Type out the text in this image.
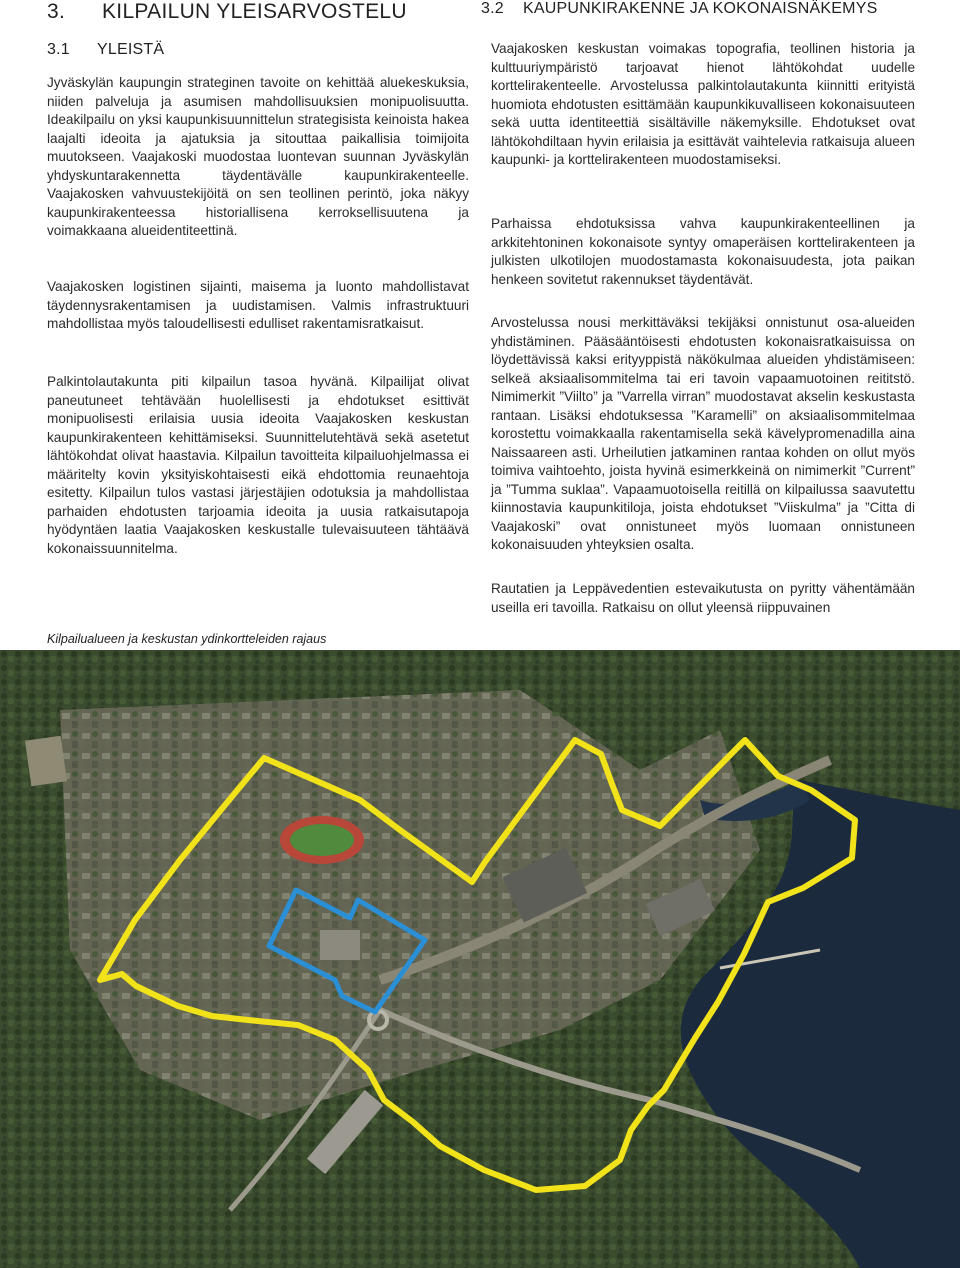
3. KILPAILUN YLEISARVOSTELU
3.1 YLEISTÄ
3.2 KAUPUNKIRAKENNE JA KOKONAISNÄKEMYS

Jyväskylän kaupungin strateginen tavoite on kehittää aluekeskuksia, niiden palveluja ja asumisen mahdollisuuksien monipuolisuutta. Ideakilpailu on yksi kaupunkisuunnittelun strategisista keinoista hakea laajalti ideoita ja ajatuksia ja sitouttaa paikallisia toimijoita muutokseen. Vaajakoski muodostaa luontevan suunnan Jyväskylän yhdyskuntarakennetta täydentävälle kaupunkirakenteelle. Vaajakosken vahvuustekijöitä on sen teollinen perintö, joka näkyy kaupunkirakenteessa historiallisena kerroksellisuutena ja voimakkaana alueidentiteettinä.

Vaajakosken logistinen sijainti, maisema ja luonto mahdollistavat täydennysrakentamisen ja uudistamisen. Valmis infrastruktuuri mahdollistaa myös taloudellisesti edulliset rakentamisratkaisut.

Palkintolautakunta piti kilpailun tasoa hyvänä. Kilpailijat olivat paneutuneet tehtävään huolellisesti ja ehdotukset esittivät monipuolisesti erilaisia uusia ideoita Vaajakosken keskustan kaupunkirakenteen kehittämiseksi. Suunnittelutehtävä sekä asetetut lähtökohdat olivat haastavia. Kilpailun tavoitteita kilpailuohjelmassa ei määritelty kovin yksityiskohtaisesti eikä ehdottomia reunaehtoja esitetty. Kilpailun tulos vastasi järjestäjien odotuksia ja mahdollistaa parhaiden ehdotusten tarjoamia ideoita ja uusia ratkaisutapoja hyödyntäen laatia Vaajakosken keskustalle tulevaisuuteen tähtäävä kokonaissuunnitelma.

Vaajakosken keskustan voimakas topografia, teollinen historia ja kulttuuriympäristö tarjoavat hienot lähtökohdat uudelle korttelirakenteelle. Arvostelussa palkintolautakunta kiinnitti erityistä huomiota ehdotusten esittämään kaupunkikuvalliseen kokonaisuuteen sekä uutta identiteettiä sisältäville näkemyksille. Ehdotukset ovat lähtökohdiltaan hyvin erilaisia ja esittävät vaihtelevia ratkaisuja alueen kaupunki- ja korttelirakenteen muodostamiseksi.

Parhaissa ehdotuksissa vahva kaupunkirakenteellinen ja arkkitehtoninen kokonaisote syntyy omaperäisen korttelirakenteen ja julkisten ulkotilojen muodostamasta kokonaisuudesta, jota paikan henkeen sovitetut rakennukset täydentävät.

Arvostelussa nousi merkittäväksi tekijäksi onnistunut osa-alueiden yhdistäminen. Pääsääntöisesti ehdotusten kokonaisratkaisuissa on löydettävissä kaksi erityyppistä näkökulmaa alueiden yhdistämiseen: selkeä aksiaalisommitelma tai eri tavoin vapaamuotoinen reititstö. Nimimerkit ”Viilto” ja ”Varrella virran” muodostavat akselin keskustasta rantaan. Lisäksi ehdotuksessa ”Karamelli” on aksiaalisommitelmaa korostettu voimakkaalla rakentamisella sekä kävelypromenadilla aina Naissaareen asti. Urheilutien jatkaminen rantaa kohden on ollut myös toimiva vaihtoehto, joista hyvinä esimerkkeinä on nimimerkit ”Current” ja ”Tumma suklaa”. Vapaamuotoisella reitillä on kilpailussa saavutettu kiinnostavia kaupunkitiloja, joista ehdotukset ”Viiskulma” ja ”Citta di Vaajakoski” ovat onnistuneet myös luomaan onnistuneen kokonaisuuden yhteyksien osalta.

Rautatien ja Leppävedentien estevaikutusta on pyritty vähentämään useilla eri tavoilla. Ratkaisu on ollut yleensä riippuvainen

Kilpailualueen ja keskustan ydinkortteleiden rajaus
